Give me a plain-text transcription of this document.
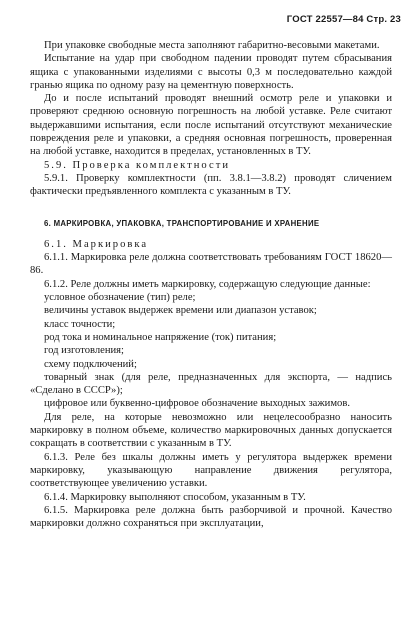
ГОСТ 22557—84 Стр. 23

При упаковке свободные места заполняют габаритно-весовыми макетами.

Испытание на удар при свободном падении проводят путем сбрасывания ящика с упакованными изделиями с высоты 0,3 м последовательно каждой гранью ящика по одному разу на цементную поверхность.

До и после испытаний проводят внешний осмотр реле и упаковки и проверяют среднюю основную погрешность на любой уставке. Реле считают выдержавшими испытания, если после испытаний отсутствуют механические повреждения реле и упаковки, а средняя основная погрешность, проверенная на любой уставке, находится в пределах, установленных в ТУ.

5.9. Проверка комплектности

5.9.1. Проверку комплектности (пп. 3.8.1—3.8.2) проводят сличением фактически предъявленного комплекта с указанным в ТУ.

6. МАРКИРОВКА, УПАКОВКА, ТРАНСПОРТИРОВАНИЕ И ХРАНЕНИЕ

6.1. Маркировка

6.1.1. Маркировка реле должна соответствовать требованиям ГОСТ 18620—86.

6.1.2. Реле должны иметь маркировку, содержащую следующие данные:

условное обозначение (тип) реле;

величины уставок выдержек времени или диапазон уставок;

класс точности;

род тока и номинальное напряжение (ток) питания;

год изготовления;

схему подключений;

товарный знак (для реле, предназначенных для экспорта, — надпись «Сделано в СССР»);

цифровое или буквенно-цифровое обозначение выходных зажимов.

Для реле, на которые невозможно или нецелесообразно наносить маркировку в полном объеме, количество маркировочных данных допускается сокращать в соответствии с указанным в ТУ.

6.1.3. Реле без шкалы должны иметь у регулятора выдержек времени маркировку, указывающую направление движения регулятора, соответствующее увеличению уставки.

6.1.4. Маркировку выполняют способом, указанным в ТУ.

6.1.5. Маркировка реле должна быть разборчивой и прочной. Качество маркировки должно сохраняться при эксплуатации,
